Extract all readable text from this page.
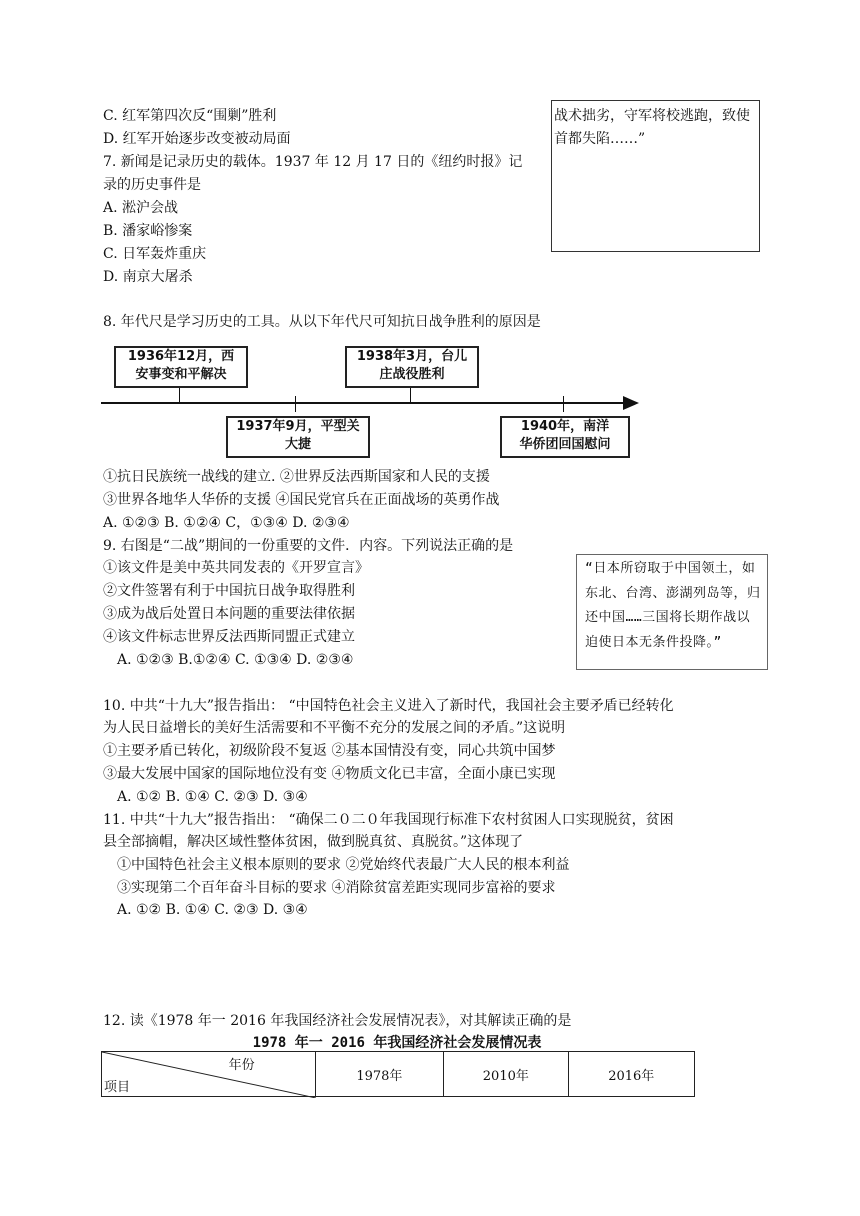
C. 红军第四次反“围剿”胜利
D. 红军开始逐步改变被动局面
战术拙劣，守军将校逃跑，致使
首都失陷……”
7. 新闻是记录历史的载体。1937 年 12 月 17 日的《纽约时报》记
录的历史事件是
A. 淞沪会战
B. 潘家峪惨案
C. 日军轰炸重庆
D. 南京大屠杀
8. 年代尺是学习历史的工具。从以下年代尺可知抗日战争胜利的原因是
1936年12月，西
安事变和平解决
1937年9月，平型关
大捷
1938年3月，台儿
庄战役胜利
1940年，南洋
华侨团回国慰问
①抗日民族统一战线的建立. ②世界反法西斯国家和人民的支援
③世界各地华人华侨的支援 ④国民党官兵在正面战场的英勇作战
A. ①②③ B. ①②④ C，①③④ D. ②③④
9. 右图是“二战”期间的一份重要的文件．内容。下列说法正确的是
①该文件是美中英共同发表的《开罗宣言》
②文件签署有利于中国抗日战争取得胜利
③成为战后处置日本问题的重要法律依据
④该文件标志世界反法西斯同盟正式建立
A. ①②③ B.①②④ C. ①③④ D. ②③④
“日本所窃取于中国领土，如东北、台湾、澎湖列岛等，归还中国……三国将长期作战以迫使日本无条件投降。”
10. 中共“十九大”报告指出： “中国特色社会主义进入了新时代，我国社会主要矛盾已经转化
为人民日益增长的美好生活需要和不平衡不充分的发展之间的矛盾。”这说明
①主要矛盾已转化，初级阶段不复返 ②基本国情没有变，同心共筑中国梦
③最大发展中国家的国际地位没有变 ④物质文化已丰富，全面小康已实现
A. ①② B. ①④ C. ②③ D. ③④
11. 中共“十九大”报告指出： “确保二０二０年我国现行标准下农村贫困人口实现脱贫，贫困
县全部摘帽，解决区域性整体贫困，做到脱真贫、真脱贫。”这体现了
①中国特色社会主义根本原则的要求 ②党始终代表最广大人民的根本利益
③实现第二个百年奋斗目标的要求 ④消除贫富差距实现同步富裕的要求
A. ①② B. ①④ C. ②③ D. ③④
12. 读《1978 年一 2016 年我国经济社会发展情况表》，对其解读正确的是
1978 年一 2016 年我国经济社会发展情况表
年份
项目
	1978年	2010年	2016年
